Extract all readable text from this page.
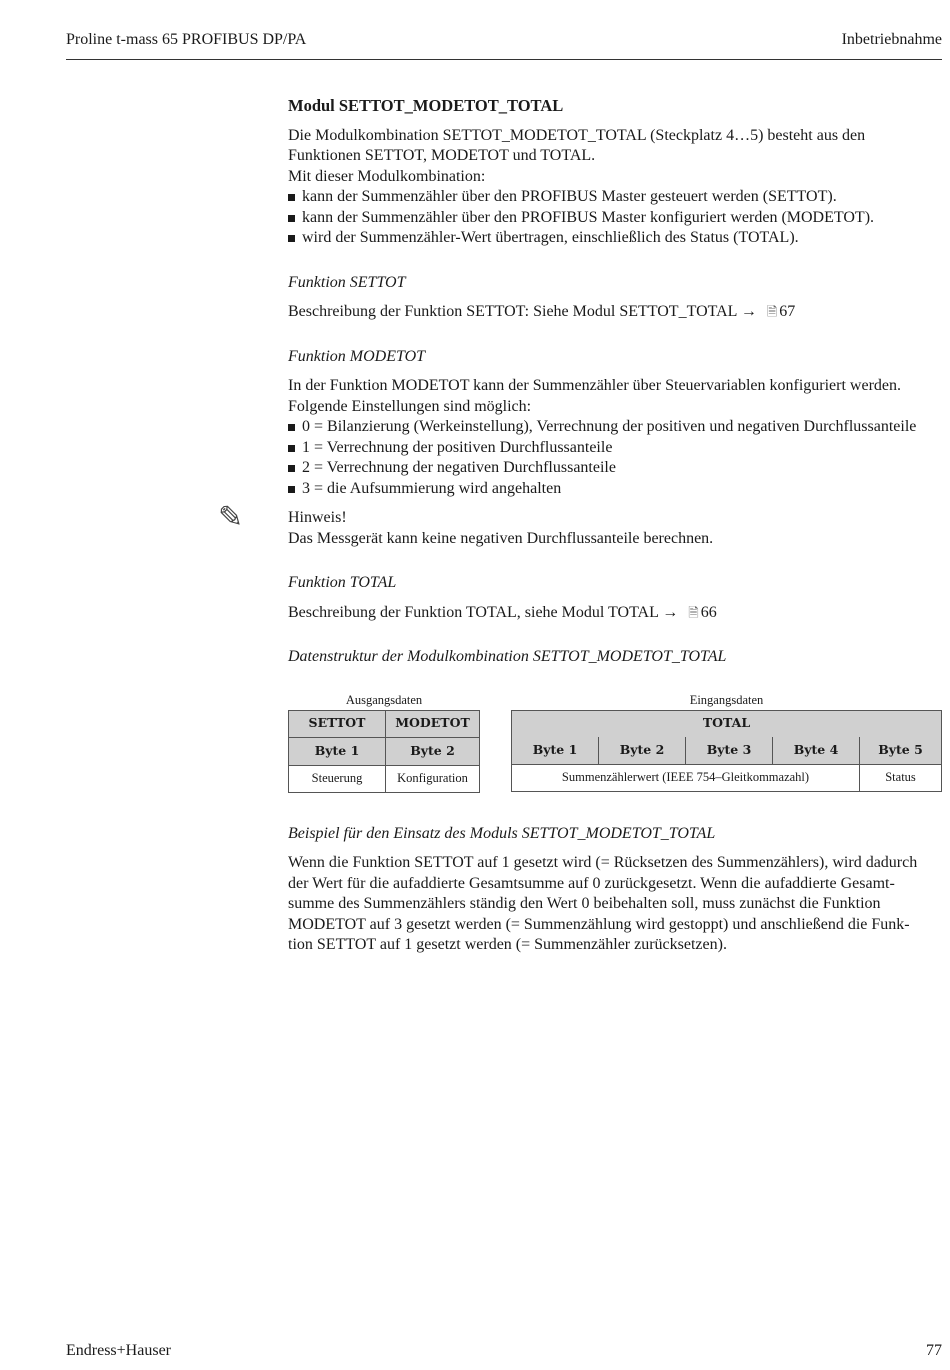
Proline t-mass 65 PROFIBUS DP/PA	Inbetriebnahme

Modul SETTOT_MODETOT_TOTAL

Die Modulkombination SETTOT_MODETOT_TOTAL (Steckplatz 4…5) besteht aus den

Funktionen SETTOT, MODETOT und TOTAL.

Mit dieser Modulkombination:

kann der Summenzähler über den PROFIBUS Master gesteuert werden (SETTOT).
kann der Summenzähler über den PROFIBUS Master konfiguriert werden (MODETOT).
wird der Summenzähler-Wert übertragen, einschließlich des Status (TOTAL).

Funktion SETTOT

Beschreibung der Funktion SETTOT: Siehe Modul SETTOT_TOTAL → 🗎 67

Funktion MODETOT

In der Funktion MODETOT kann der Summenzähler über Steuervariablen konfiguriert werden.

Folgende Einstellungen sind möglich:

0 = Bilanzierung (Werkeinstellung), Verrechnung der positiven und negativen Durchflussanteile
1 = Verrechnung der positiven Durchflussanteile
2 = Verrechnung der negativen Durchflussanteile
3 = die Aufsummierung wird angehalten
✎	Hinweis!

Das Messgerät kann keine negativen Durchflussanteile berechnen.

Funktion TOTAL

Beschreibung der Funktion TOTAL, siehe Modul TOTAL → 🗎 66

Datenstruktur der Modulkombination SETTOT_MODETOT_TOTAL

Ausgangsdaten	Eingangsdaten
SETTOT	MODETOT
Byte 1	Byte 2
Steuerung	Konfiguration
TOTAL				
Byte 1	Byte 2	Byte 3	Byte 4	Byte 5
Summenzählerwert (IEEE 754–Gleitkommazahl)				Status

Beispiel für den Einsatz des Moduls SETTOT_MODETOT_TOTAL

Wenn die Funktion SETTOT auf 1 gesetzt wird (= Rücksetzen des Summenzählers), wird dadurch

der Wert für die aufaddierte Gesamtsumme auf 0 zurückgesetzt. Wenn die aufaddierte Gesamt-

summe des Summenzählers ständig den Wert 0 beibehalten soll, muss zunächst die Funktion

MODETOT auf 3 gesetzt werden (= Summenzählung wird gestoppt) und anschließend die Funk-

tion SETTOT auf 1 gesetzt werden (= Summenzähler zurücksetzen).

Endress+Hauser	77
